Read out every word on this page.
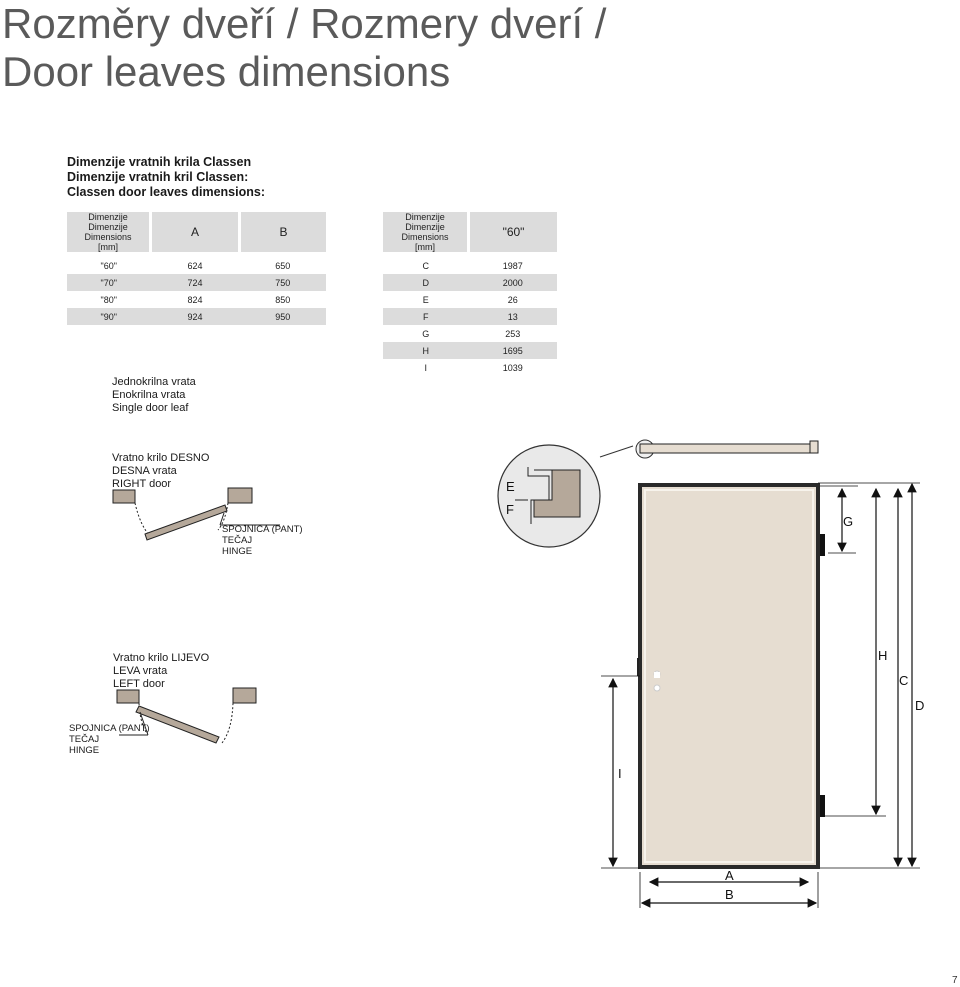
Rozměry dveří / Rozmery dverí /
Door leaves dimensions
Dimenzije vratnih krila Classen
Dimenzije vratnih kril Classen:
Classen door leaves dimensions:
Dimenzije
Dimenzije
Dimensions
[mm]	A	B

"60"	624	650
"70"	724	750
"80"	824	850
"90"	924	950
Dimenzije
Dimenzije
Dimensions
[mm]	"60"

C	1987
D	2000
E	26
F	13
G	253
H	1695
I	1039
Jednokrilna vrata
Enokrilna vrata
Single door leaf
Vratno krilo DESNO
DESNA vrata
RIGHT door
Vratno krilo LIJEVO
LEVA vrata
LEFT door
SPOJNICA (PANT)
TEČAJ
HINGE
SPOJNICA (PANT)
TEČAJ
HINGE
7
E
F
G
H
C
D
I
A
B
